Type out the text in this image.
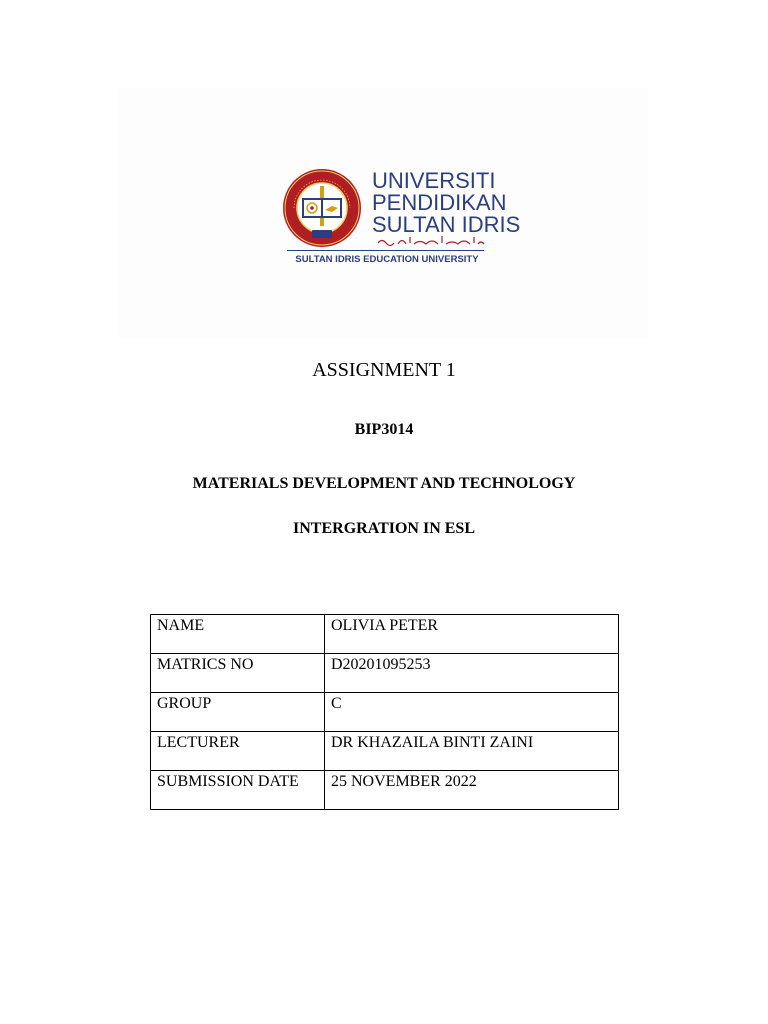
UNIVERSITI
PENDIDIKAN
SULTAN IDRIS
SULTAN IDRIS EDUCATION UNIVERSITY
ASSIGNMENT 1
BIP3014
MATERIALS DEVELOPMENT AND TECHNOLOGY
INTERGRATION IN ESL
NAME	OLIVIA PETER
MATRICS NO	D20201095253
GROUP	C
LECTURER	DR KHAZAILA BINTI ZAINI
SUBMISSION DATE	25 NOVEMBER 2022
